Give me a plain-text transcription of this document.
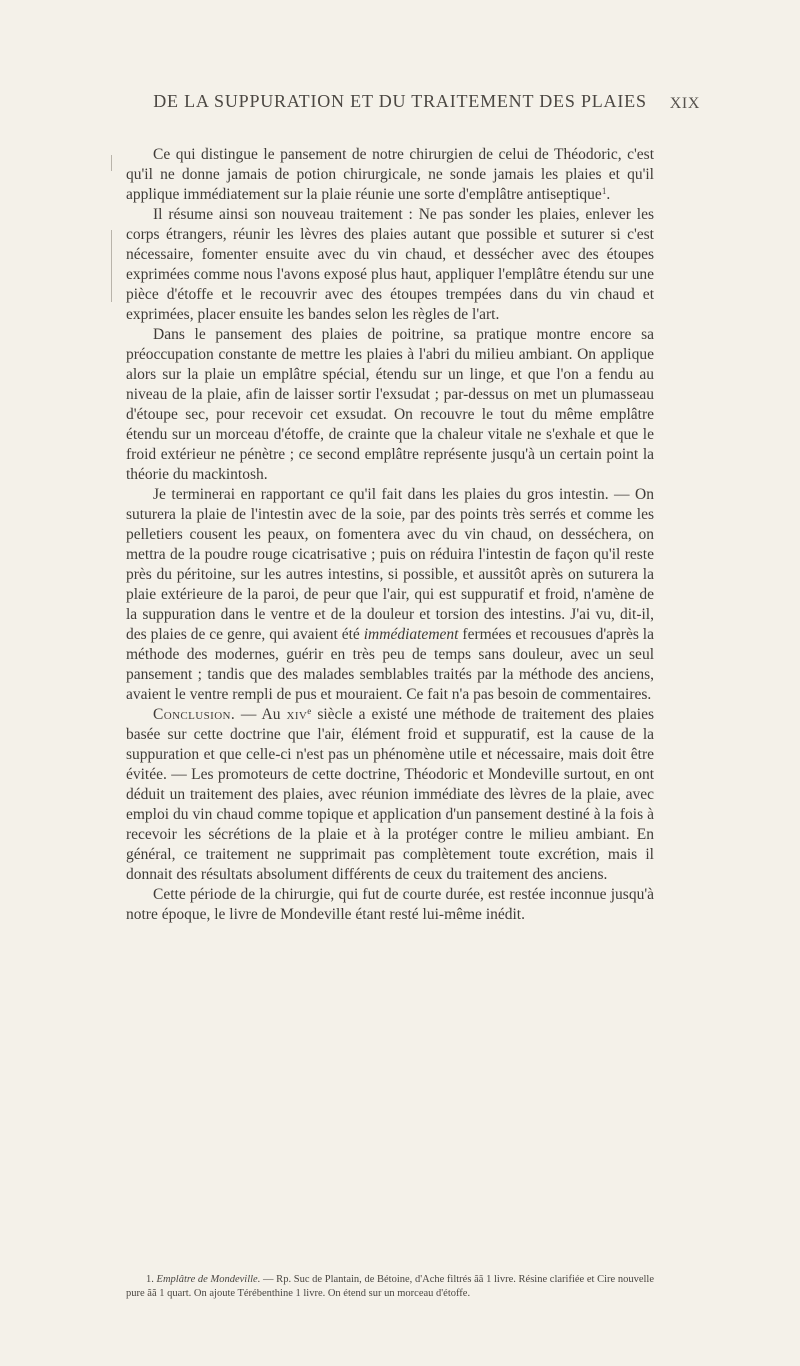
DE LA SUPPURATION ET DU TRAITEMENT DES PLAIES	XIX

Ce qui distingue le pansement de notre chirurgien de celui de Théodoric, c'est qu'il ne donne jamais de potion chirurgicale, ne sonde jamais les plaies et qu'il applique immédiatement sur la plaie réunie une sorte d'emplâtre antiseptique$^1$.

Il résume ainsi son nouveau traitement : Ne pas sonder les plaies, enlever les corps étrangers, réunir les lèvres des plaies autant que possible et suturer si c'est nécessaire, fomenter ensuite avec du vin chaud, et dessécher avec des étoupes exprimées comme nous l'avons exposé plus haut, appliquer l'emplâtre étendu sur une pièce d'étoffe et le recouvrir avec des étoupes trempées dans du vin chaud et exprimées, placer ensuite les bandes selon les règles de l'art.

Dans le pansement des plaies de poitrine, sa pratique montre encore sa préoccupation constante de mettre les plaies à l'abri du milieu ambiant. On applique alors sur la plaie un emplâtre spécial, étendu sur un linge, et que l'on a fendu au niveau de la plaie, afin de laisser sortir l'exsudat ; par-dessus on met un plumasseau d'étoupe sec, pour recevoir cet exsudat. On recouvre le tout du même emplâtre étendu sur un morceau d'étoffe, de crainte que la chaleur vitale ne s'exhale et que le froid extérieur ne pénètre ; ce second emplâtre représente jusqu'à un certain point la théorie du mackintosh.

Je terminerai en rapportant ce qu'il fait dans les plaies du gros intestin. — On suturera la plaie de l'intestin avec de la soie, par des points très serrés et comme les pelletiers cousent les peaux, on fomentera avec du vin chaud, on desséchera, on mettra de la poudre rouge cicatrisative ; puis on réduira l'intestin de façon qu'il reste près du péritoine, sur les autres intestins, si possible, et aussitôt après on suturera la plaie extérieure de la paroi, de peur que l'air, qui est suppuratif et froid, n'amène de la suppuration dans le ventre et de la douleur et torsion des intestins. J'ai vu, dit-il, des plaies de ce genre, qui avaient été immédiatement fermées et recousues d'après la méthode des modernes, guérir en très peu de temps sans douleur, avec un seul pansement ; tandis que des malades semblables traités par la méthode des anciens, avaient le ventre rempli de pus et mouraient. Ce fait n'a pas besoin de commentaires.

Conclusion. — Au xiv$^e$ siècle a existé une méthode de traitement des plaies basée sur cette doctrine que l'air, élément froid et suppuratif, est la cause de la suppuration et que celle-ci n'est pas un phénomène utile et nécessaire, mais doit être évitée. — Les promoteurs de cette doctrine, Théodoric et Mondeville surtout, en ont déduit un traitement des plaies, avec réunion immédiate des lèvres de la plaie, avec emploi du vin chaud comme topique et application d'un pansement destiné à la fois à recevoir les sécrétions de la plaie et à la protéger contre le milieu ambiant. En général, ce traitement ne supprimait pas complètement toute excrétion, mais il donnait des résultats absolument différents de ceux du traitement des anciens.

Cette période de la chirurgie, qui fut de courte durée, est restée inconnue jusqu'à notre époque, le livre de Mondeville étant resté lui-même inédit.

1. Emplâtre de Mondeville. — Rp. Suc de Plantain, de Bétoine, d'Ache filtrés ãã 1 livre. Résine clarifiée et Cire nouvelle pure ãã 1 quart. On ajoute Térébenthine 1 livre. On étend sur un morceau d'étoffe.
